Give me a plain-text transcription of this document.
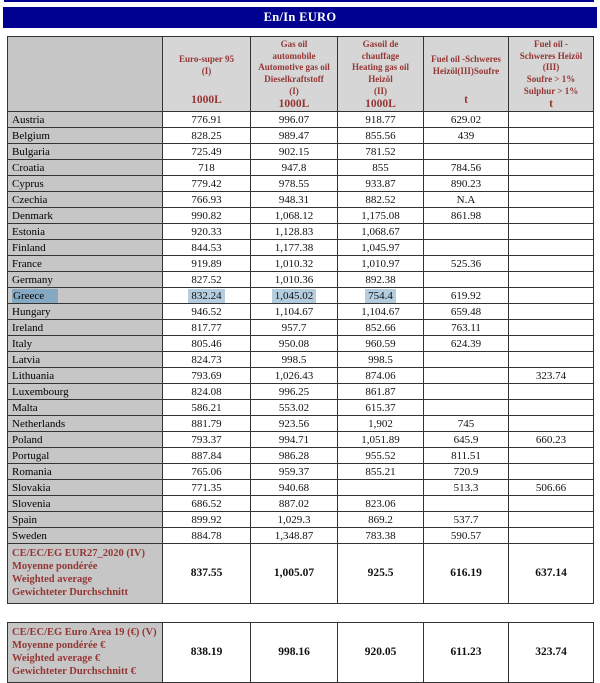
En/In EURO

Euro-super 95
(I)
1000L

Gas oil
automobile
Automotive gas oil
Dieselkraftstoff
(I)
1000L

Gasoil de
chauffage
Heating gas oil
Heizöl
(II)
1000L

Fuel oil -Schweres
Heizöl(III)Soufre
t

Fuel oil -
Schweres Heizöl
(III)
Soufre > 1%
Sulphur > 1%
t

Austria	776.91	996.07	918.77	629.02	
Belgium	828.25	989.47	855.56	439	
Bulgaria	725.49	902.15	781.52		
Croatia	718	947.8	855	784.56	
Cyprus	779.42	978.55	933.87	890.23	
Czechia	766.93	948.31	882.52	N.A	
Denmark	990.82	1,068.12	1,175.08	861.98	
Estonia	920.33	1,128.83	1,068.67		
Finland	844.53	1,177.38	1,045.97		
France	919.89	1,010.32	1,010.97	525.36	
Germany	827.52	1,010.36	892.38		
Greece	832.24	1,045.02	754.4	619.92	
Hungary	946.52	1,104.67	1,104.67	659.48	
Ireland	817.77	957.7	852.66	763.11	
Italy	805.46	950.08	960.59	624.39	
Latvia	824.73	998.5	998.5		
Lithuania	793.69	1,026.43	874.06		323.74
Luxembourg	824.08	996.25	861.87		
Malta	586.21	553.02	615.37		
Netherlands	881.79	923.56	1,902	745	
Poland	793.37	994.71	1,051.89	645.9	660.23
Portugal	887.84	986.28	955.52	811.51	
Romania	765.06	959.37	855.21	720.9	
Slovakia	771.35	940.68		513.3	506.66
Slovenia	686.52	887.02	823.06		
Spain	899.92	1,029.3	869.2	537.7	
Sweden	884.78	1,348.87	783.38	590.57	

CE/EC/EG EUR27_2020 (IV)
Moyenne pondérée
Weighted average
Gewichteter Durchschnitt	837.55	1,005.07	925.5	616.19	637.14
CE/EC/EG Euro Area 19 (€) (V)
Moyenne pondérée €
Weighted average €
Gewichteter Durchschnitt €
	838.19	998.16	920.05	611.23	323.74
